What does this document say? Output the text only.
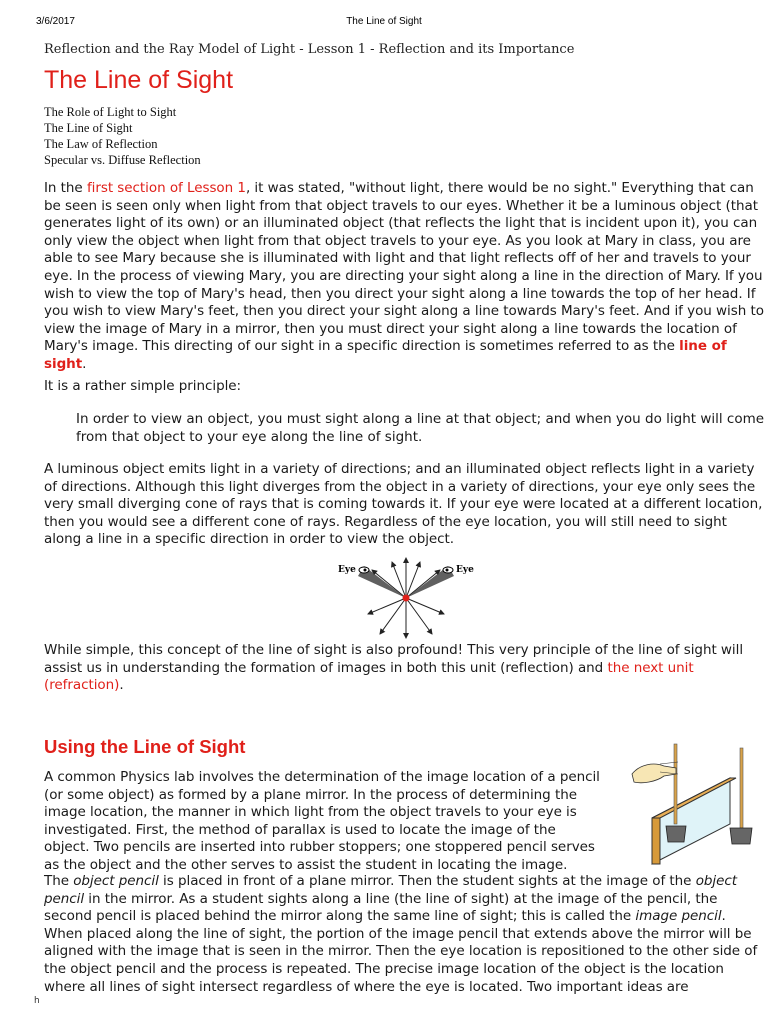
3/6/2017	The Line of Sight
Reflection and the Ray Model of Light - Lesson 1 - Reflection and its Importance
The Line of Sight
The Role of Light to Sight
The Line of Sight
The Law of Reflection
Specular vs. Diffuse Reflection
In the first section of Lesson 1, it was stated, "without light, there would be no sight." Everything that can be seen is seen only when light from that object travels to our eyes. Whether it be a luminous object (that generates light of its own) or an illuminated object (that reflects the light that is incident upon it), you can only view the object when light from that object travels to your eye. As you look at Mary in class, you are able to see Mary because she is illuminated with light and that light reflects off of her and travels to your eye. In the process of viewing Mary, you are directing your sight along a line in the direction of Mary. If you wish to view the top of Mary's head, then you direct your sight along a line towards the top of her head. If you wish to view Mary's feet, then you direct your sight along a line towards Mary's feet. And if you wish to view the image of Mary in a mirror, then you must direct your sight along a line towards the location of Mary's image. This directing of our sight in a specific direction is sometimes referred to as the line of sight.
It is a rather simple principle:
In order to view an object, you must sight along a line at that object; and when you do light will come from that object to your eye along the line of sight.
A luminous object emits light in a variety of directions; and an illuminated object reflects light in a variety of directions. Although this light diverges from the object in a variety of directions, your eye only sees the very small diverging cone of rays that is coming towards it. If your eye were located at a different location, then you would see a different cone of rays. Regardless of the eye location, you will still need to sight along a line in a specific direction in order to view the object.
Eye	Eye
While simple, this concept of the line of sight is also profound! This very principle of the line of sight will assist us in understanding the formation of images in both this unit (reflection) and the next unit (refraction).
Using the Line of Sight
A common Physics lab involves the determination of the image location of a pencil (or some object) as formed by a plane mirror. In the process of determining the image location, the manner in which light from the object travels to your eye is investigated. First, the method of parallax is used to locate the image of the object. Two pencils are inserted into rubber stoppers; one stoppered pencil serves as the object and the other serves to assist the student in locating the image.
The object pencil is placed in front of a plane mirror. Then the student sights at the image of the object pencil in the mirror. As a student sights along a line (the line of sight) at the image of the pencil, the second pencil is placed behind the mirror along the same line of sight; this is called the image pencil. When placed along the line of sight, the portion of the image pencil that extends above the mirror will be aligned with the image that is seen in the mirror. Then the eye location is repositioned to the other side of the object pencil and the process is repeated. The precise image location of the object is the location where all lines of sight intersect regardless of where the eye is located. Two important ideas are
h
